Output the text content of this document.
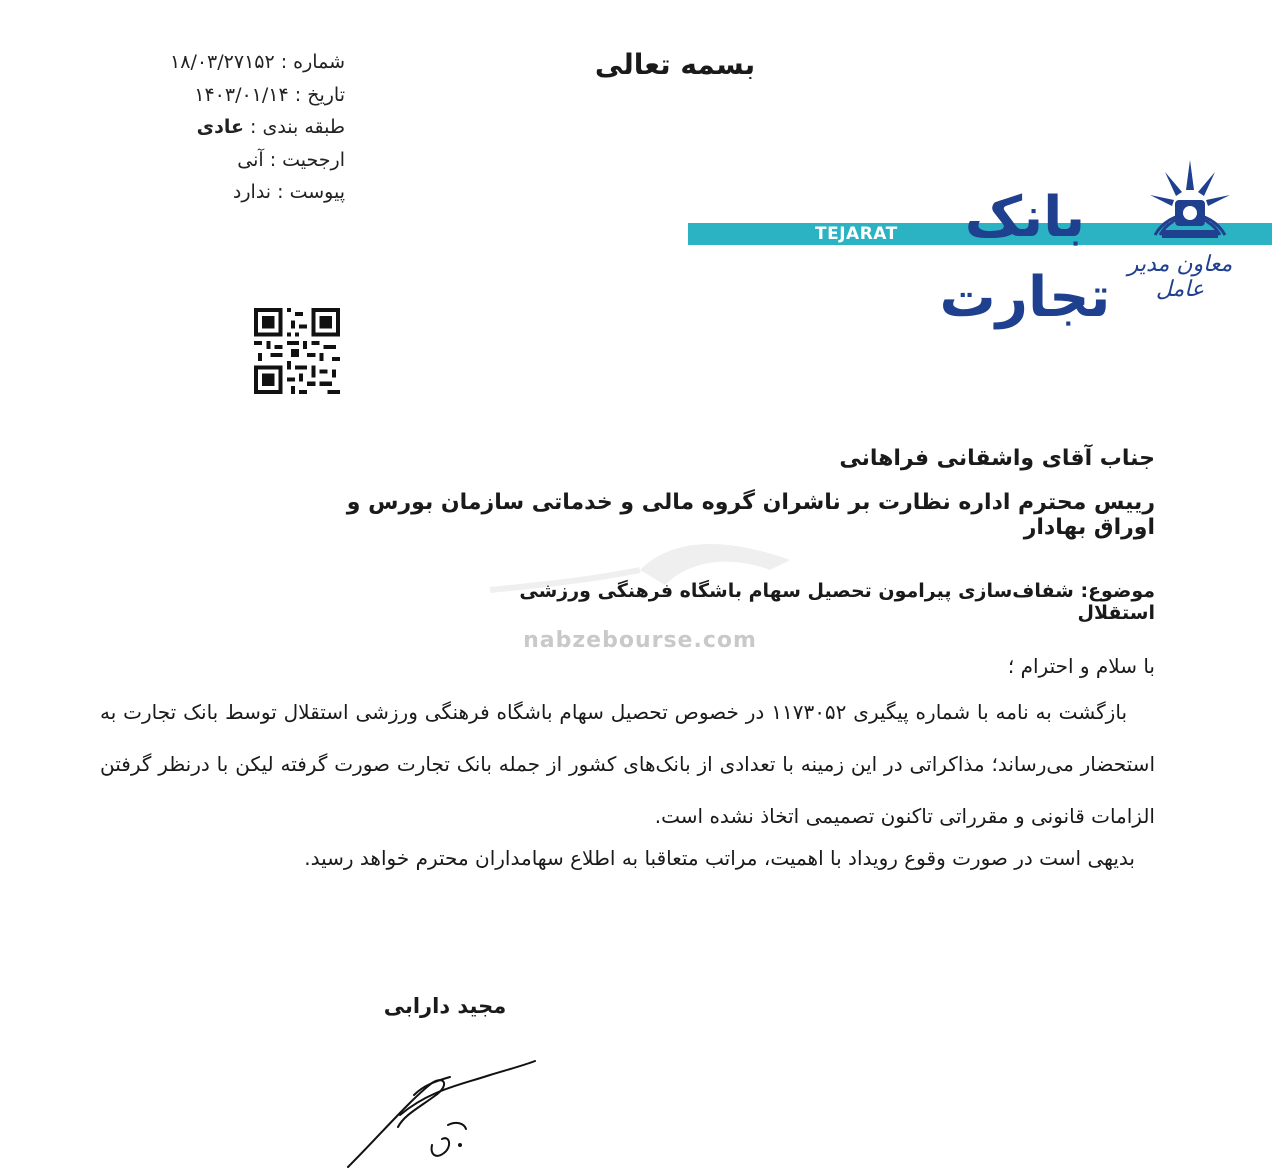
بسمه تعالی
شماره : ۱۸/۰۳/۲۷۱۵۲
تاریخ : ۱۴۰۳/۰۱/۱۴
طبقه بندی : عادی
ارجحیت : آنی
پیوست : ندارد
TEJARAT BANK
بانک تجارت
معاون مدیر عامل
nabzebourse.com
جناب آقای واشقانی فراهانی
رییس محترم اداره نظارت بر ناشران گروه مالی و خدماتی سازمان بورس و اوراق بهادار
موضوع: شفاف‌سازی پیرامون تحصیل سهام باشگاه فرهنگی ورزشی استقلال
با سلام و احترام ؛

بازگشت به نامه با شماره پیگیری ۱۱۷۳۰۵۲ در خصوص تحصیل سهام باشگاه فرهنگی ورزشی استقلال توسط بانک تجارت به استحضار می‌رساند؛ مذاکراتی در این زمینه با تعدادی از بانک‌های کشور از جمله بانک تجارت صورت گرفته لیکن با درنظر گرفتن الزامات قانونی و مقرراتی تاکنون تصمیمی اتخاذ نشده است.

بدیهی است در صورت وقوع رویداد با اهمیت، مراتب متعاقبا به اطلاع سهامداران محترم خواهد رسید.
مجید دارابی
